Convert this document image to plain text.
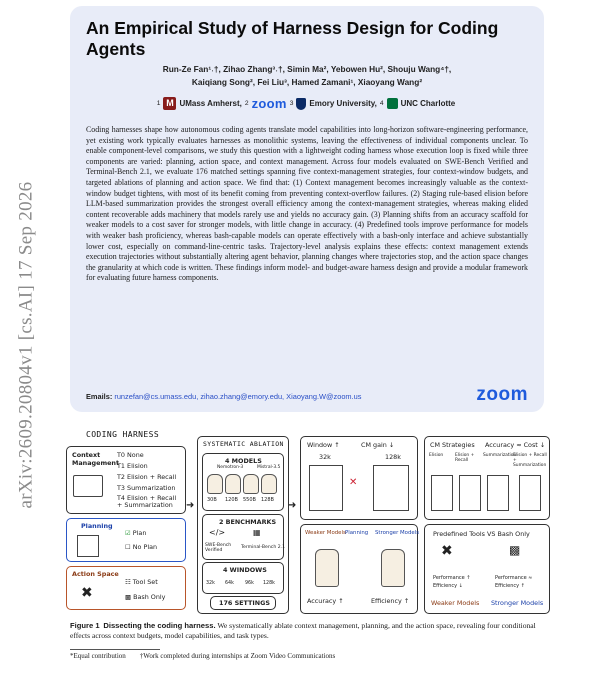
arXiv:2609.20804v1 [cs.AI] 17 Sep 2026
An Empirical Study of Harness Design for Coding Agents
Run-Ze Fan¹˒†, Zihao Zhang³˒†, Simin Ma², Yebowen Hu², Shouju Wang⁴†,
Kaiqiang Song², Fei Liu³, Hamed Zamani¹, Xiaoyang Wang²
1 M UMass Amherst, 2 zoom 3 Emory University, 4 UNC Charlotte
Coding harnesses shape how autonomous coding agents translate model capabilities into long-horizon software-engineering performance, yet existing work typically evaluates harnesses as monolithic systems, leaving the effectiveness of individual components unclear. To enable component-level comparisons, we study this question with a lightweight coding harness whose execution loop is fixed while three components are varied: planning, action space, and context management. Across four models evaluated on SWE-Bench Verified and Terminal-Bench 2.1, we evaluate 176 matched settings spanning five context-management strategies, four context-window budgets, and targeted ablations of planning and action space. We find that: (1) Context management becomes increasingly valuable as the context-window budget tightens, with most of its benefit coming from preventing context-overflow failures. (2) Staging rule-based elision before LLM-based summarization provides the strongest overall efficiency among the context-management strategies, whereas making elided content recoverable adds machinery that models rarely use and yields no accuracy gain. (3) Planning shifts from an accuracy scaffold for weaker models to a cost saver for stronger models, with little change in accuracy. (4) Predefined tools improve performance for models with weaker bash proficiency, whereas bash-capable models can operate effectively with a bash-only interface and achieve substantially lower cost, especially on command-line-centric tasks. Trajectory-level analysis explains these effects: context management extends execution trajectories without substantially altering agent behavior, planning changes where trajectories stop, and the action space changes the granularity at which code is written. These findings inform model- and budget-aware harness design and provide a modular framework for evaluating future harness components.
Emails: runzefan@cs.umass.edu, zihao.zhang@emory.edu, Xiaoyang.W@zoom.us	zoom
CODING HARNESS
Context Management
T0 None
T1 Elision
T2 Elision + Recall
T3 Summarization
T4 Elision + Recall + Summarization
Planning
☑ Plan
☐ No Plan
Action Space
✖
☷ Tool Set
▩ Bash Only
SYSTEMATIC ABLATION
4 MODELS
Nemotron-3	Mistral-3.5
30B 120B 550B 128B
2 BENCHMARKS
</>	▦
SWE-Bench Verified
Terminal-Bench 2.1
4 WINDOWS
32k 64k 96k 128k
176 SETTINGS
➜	➜
Window ↑	CM gain ↓
32k	128k
✕
CM Strategies Accuracy ≈ Cost ↓
Elision	Elision + Recall
Summarization
Elision + Recall + Summarization
Weaker Models Planning Stronger Models
Accuracy ↑	Efficiency ↑
Predefined Tools VS Bash Only
✖	▩
Performance ↑
Efficiency ↓
Performance ≈
Efficiency ↑
Weaker Models Stronger Models
Figure 1 Dissecting the coding harness. We systematically ablate context management, planning, and the action space, revealing four conditional effects across context budgets, model capabilities, and task types.
*Equal contribution †Work completed during internships at Zoom Video Communications
